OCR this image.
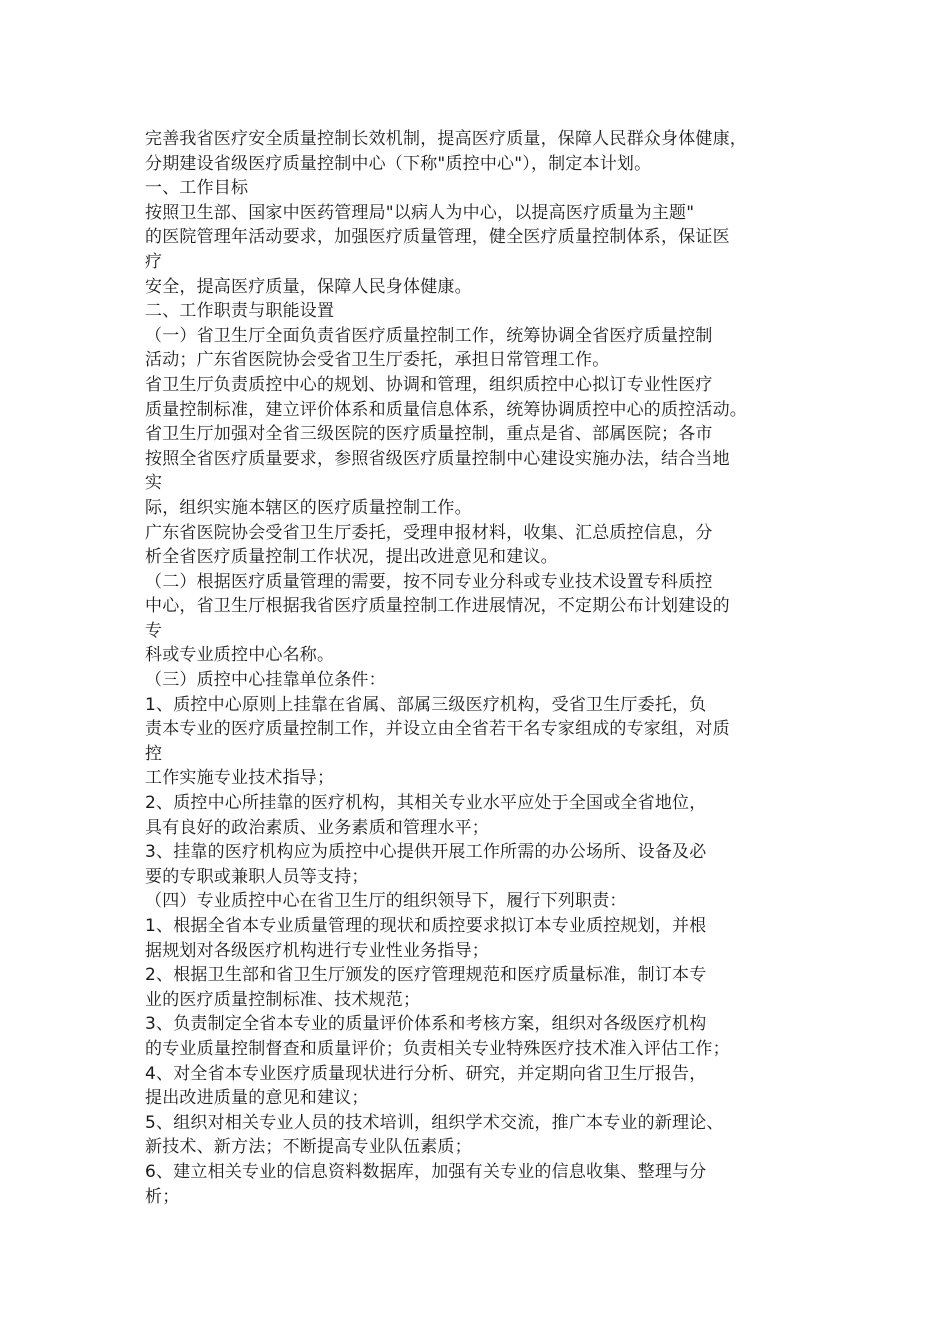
完善我省医疗安全质量控制长效机制，提高医疗质量，保障人民群众身体健康，
分期建设省级医疗质量控制中心（下称"质控中心"），制定本计划。
一、工作目标
按照卫生部、国家中医药管理局"以病人为中心，以提高医疗质量为主题"
的医院管理年活动要求，加强医疗质量管理，健全医疗质量控制体系，保证医
疗
安全，提高医疗质量，保障人民身体健康。
二、工作职责与职能设置
（一）省卫生厅全面负责省医疗质量控制工作，统筹协调全省医疗质量控制
活动；广东省医院协会受省卫生厅委托，承担日常管理工作。
省卫生厅负责质控中心的规划、协调和管理，组织质控中心拟订专业性医疗
质量控制标准，建立评价体系和质量信息体系，统筹协调质控中心的质控活动。
省卫生厅加强对全省三级医院的医疗质量控制，重点是省、部属医院；各市
按照全省医疗质量要求，参照省级医疗质量控制中心建设实施办法，结合当地
实
际，组织实施本辖区的医疗质量控制工作。
广东省医院协会受省卫生厅委托，受理申报材料，收集、汇总质控信息，分
析全省医疗质量控制工作状况，提出改进意见和建议。
（二）根据医疗质量管理的需要，按不同专业分科或专业技术设置专科质控
中心，省卫生厅根据我省医疗质量控制工作进展情况，不定期公布计划建设的
专
科或专业质控中心名称。
（三）质控中心挂靠单位条件：
1、质控中心原则上挂靠在省属、部属三级医疗机构，受省卫生厅委托，负
责本专业的医疗质量控制工作，并设立由全省若干名专家组成的专家组，对质
控
工作实施专业技术指导；
2、质控中心所挂靠的医疗机构，其相关专业水平应处于全国或全省地位，
具有良好的政治素质、业务素质和管理水平；
3、挂靠的医疗机构应为质控中心提供开展工作所需的办公场所、设备及必
要的专职或兼职人员等支持；
（四）专业质控中心在省卫生厅的组织领导下，履行下列职责：
1、根据全省本专业质量管理的现状和质控要求拟订本专业质控规划，并根
据规划对各级医疗机构进行专业性业务指导；
2、根据卫生部和省卫生厅颁发的医疗管理规范和医疗质量标准，制订本专
业的医疗质量控制标准、技术规范；
3、负责制定全省本专业的质量评价体系和考核方案，组织对各级医疗机构
的专业质量控制督查和质量评价；负责相关专业特殊医疗技术准入评估工作；
4、对全省本专业医疗质量现状进行分析、研究，并定期向省卫生厅报告，
提出改进质量的意见和建议；
5、组织对相关专业人员的技术培训，组织学术交流，推广本专业的新理论、
新技术、新方法；不断提高专业队伍素质；
6、建立相关专业的信息资料数据库，加强有关专业的信息收集、整理与分
析；
